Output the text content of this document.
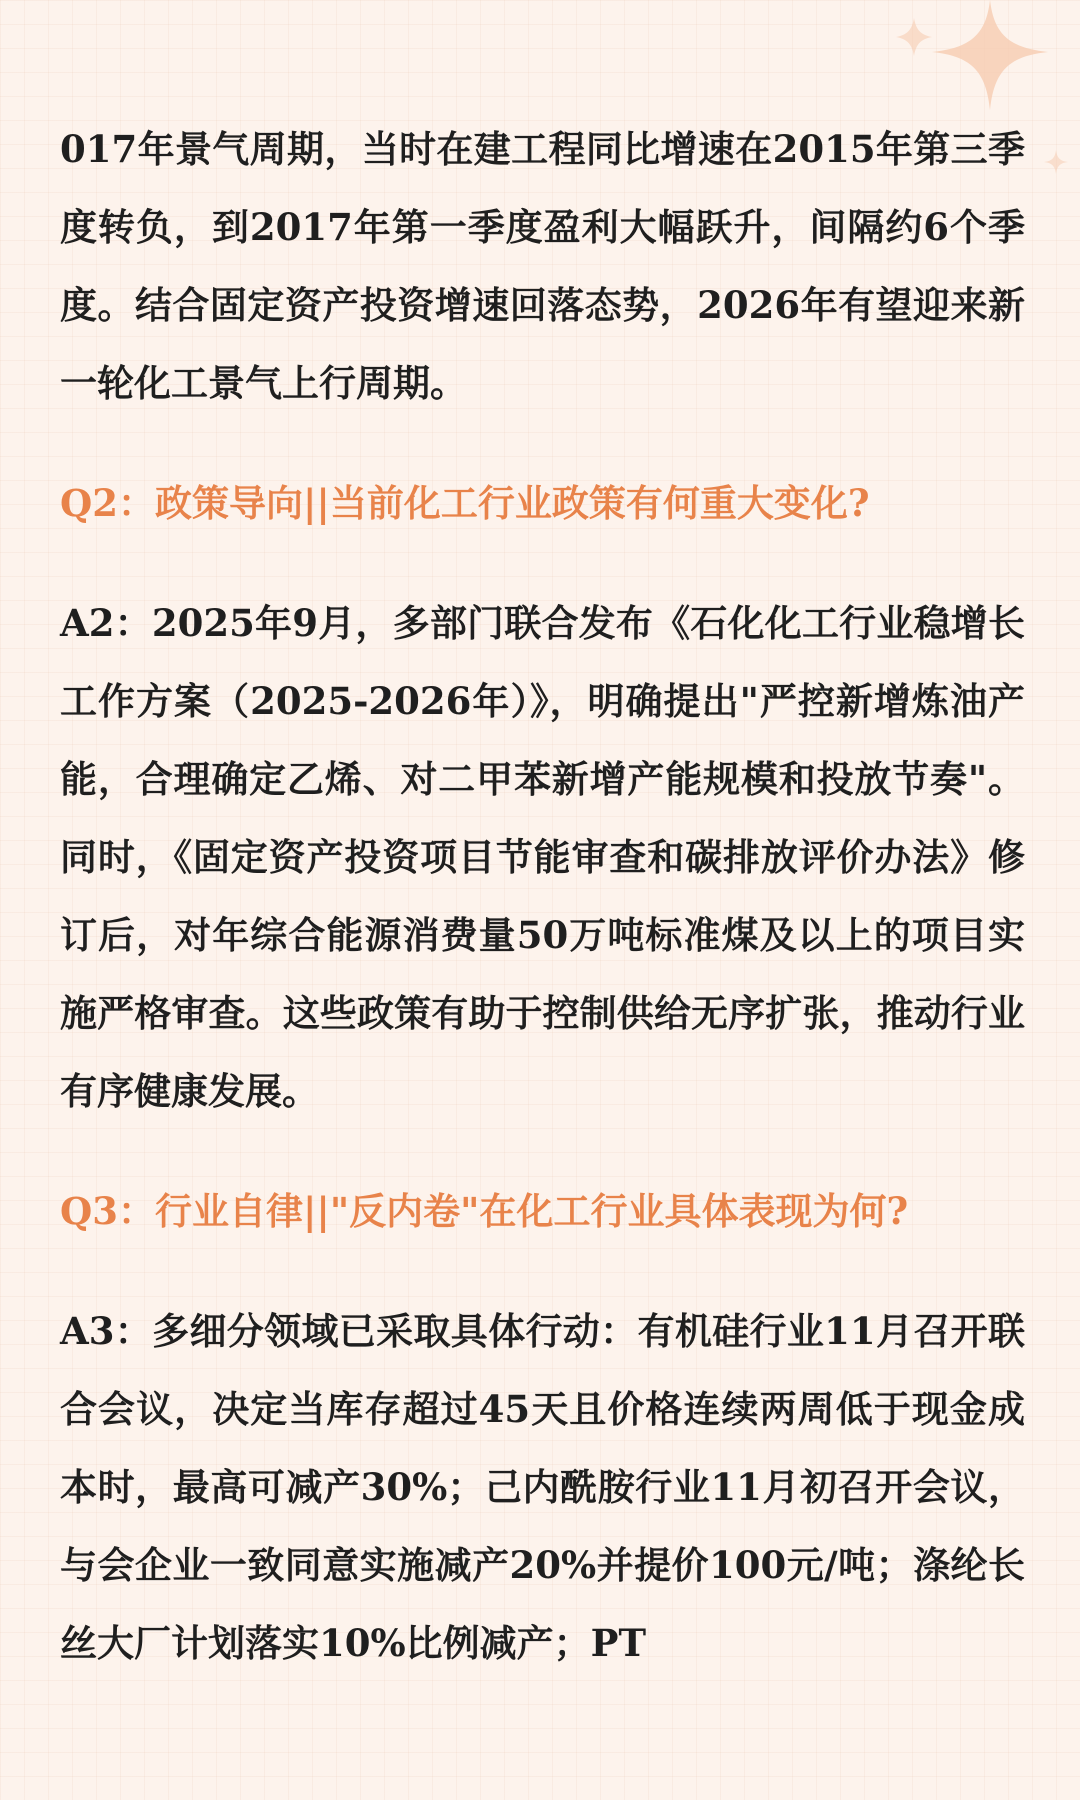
017年景气周期，当时在建工程同比增速在2015年第三季度转负，到2017年第一季度盈利大幅跃升，间隔约6个季度。结合固定资产投资增速回落态势，2026年有望迎来新一轮化工景气上行周期。

Q2：政策导向||当前化工行业政策有何重大变化?

A2：2025年9月，多部门联合发布《石化化工行业稳增长工作方案（2025-2026年）》，明确提出"严控新增炼油产能，合理确定乙烯、对二甲苯新增产能规模和投放节奏"。同时，《固定资产投资项目节能审查和碳排放评价办法》修订后，对年综合能源消费量50万吨标准煤及以上的项目实施严格审查。这些政策有助于控制供给无序扩张，推动行业有序健康发展。

Q3：行业自律||"反内卷"在化工行业具体表现为何?

A3：多细分领域已采取具体行动：有机硅行业11月召开联合会议，决定当库存超过45天且价格连续两周低于现金成本时，最高可减产30%；己内酰胺行业11月初召开会议，与会企业一致同意实施减产20%并提价100元/吨；涤纶长丝大厂计划落实10%比例减产；PT
